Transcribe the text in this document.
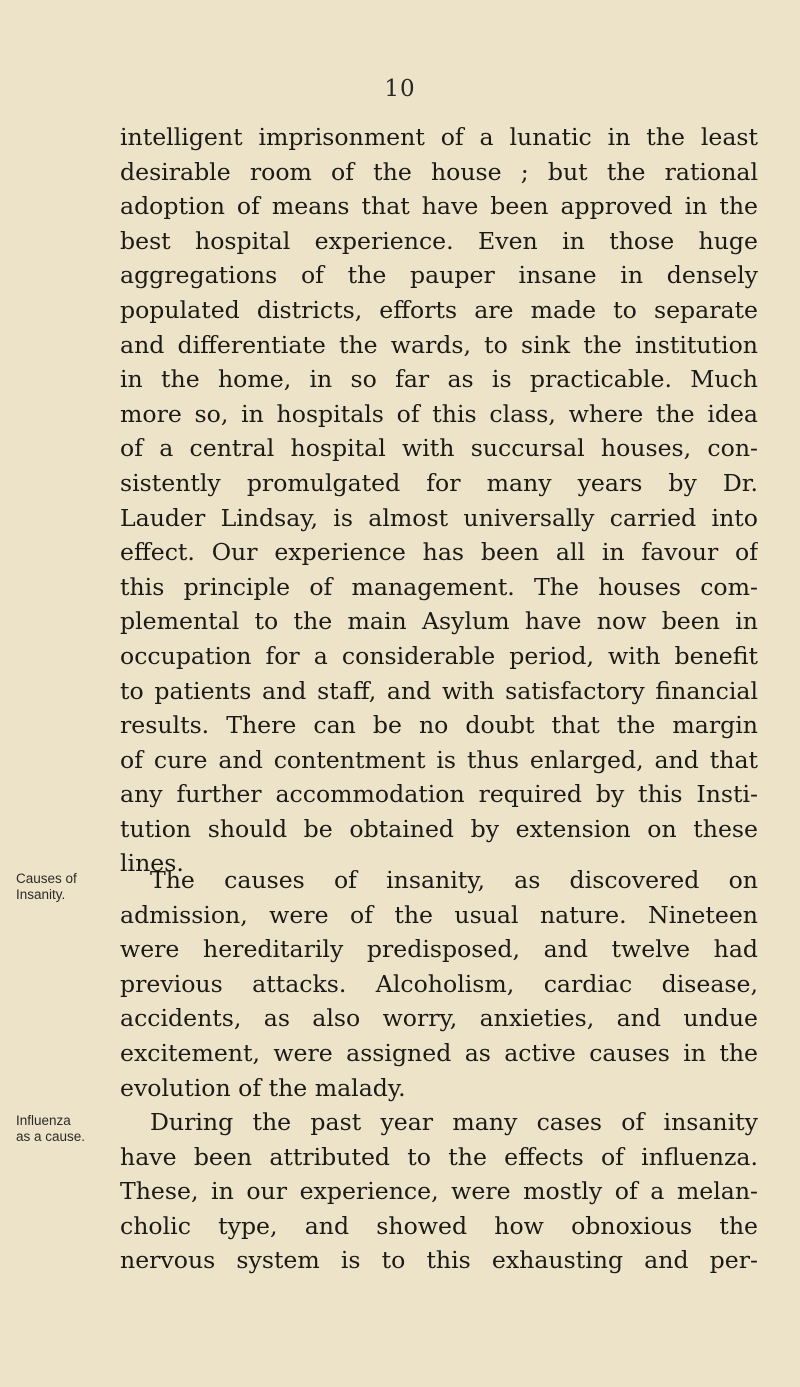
10
intelligent imprisonment of a lunatic in the least
desirable room of the house ; but the rational
adoption of means that have been approved in the
best hospital experience. Even in those huge
aggregations of the pauper insane in densely
populated districts, efforts are made to separate
and differentiate the wards, to sink the institution
in the home, in so far as is practicable. Much
more so, in hospitals of this class, where the idea
of a central hospital with succursal houses, con-
sistently promulgated for many years by Dr.
Lauder Lindsay, is almost universally carried into
effect. Our experience has been all in favour of
this principle of management. The houses com-
plemental to the main Asylum have now been in
occupation for a considerable period, with benefit
to patients and staff, and with satisfactory financial
results. There can be no doubt that the margin
of cure and contentment is thus enlarged, and that
any further accommodation required by this Insti-
tution should be obtained by extension on these
lines.
Causes of
Insanity.
The causes of insanity, as discovered on
admission, were of the usual nature. Nineteen
were hereditarily predisposed, and twelve had
previous attacks. Alcoholism, cardiac disease,
accidents, as also worry, anxieties, and undue
excitement, were assigned as active causes in the
evolution of the malady.
Influenza
as a cause.
During the past year many cases of insanity
have been attributed to the effects of influenza.
These, in our experience, were mostly of a melan-
cholic type, and showed how obnoxious the
nervous system is to this exhausting and per-
